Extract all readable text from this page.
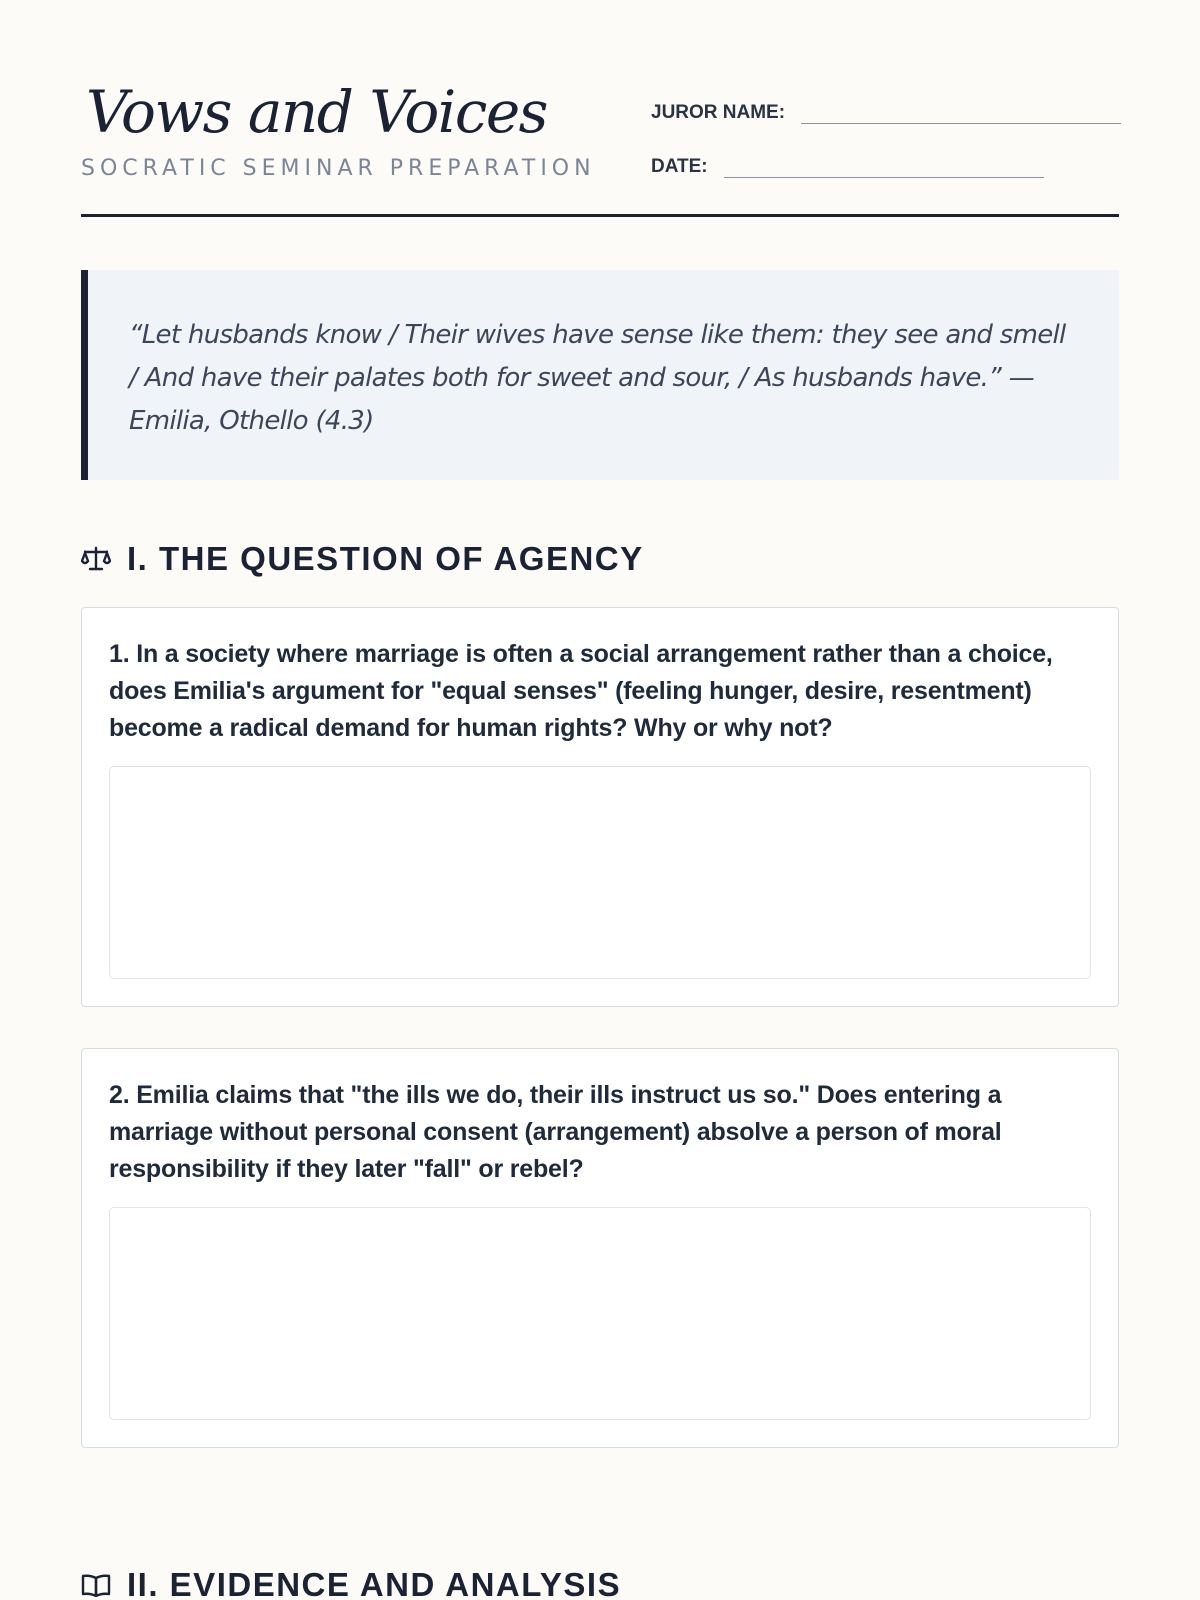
Vows and Voices
SOCRATIC SEMINAR PREPARATION
JUROR NAME:
DATE:

“Let husbands know / Their wives have sense like them: they see and smell / And have their palates both for sweet and sour, / As husbands have.” — Emilia, Othello (4.3)

I. THE QUESTION OF AGENCY

1. In a society where marriage is often a social arrangement rather than a choice, does Emilia's argument for "equal senses" (feeling hunger, desire, resentment) become a radical demand for human rights? Why or why not?

2. Emilia claims that "the ills we do, their ills instruct us so." Does entering a marriage without personal consent (arrangement) absolve a person of moral responsibility if they later "fall" or rebel?

II. EVIDENCE AND ANALYSIS
